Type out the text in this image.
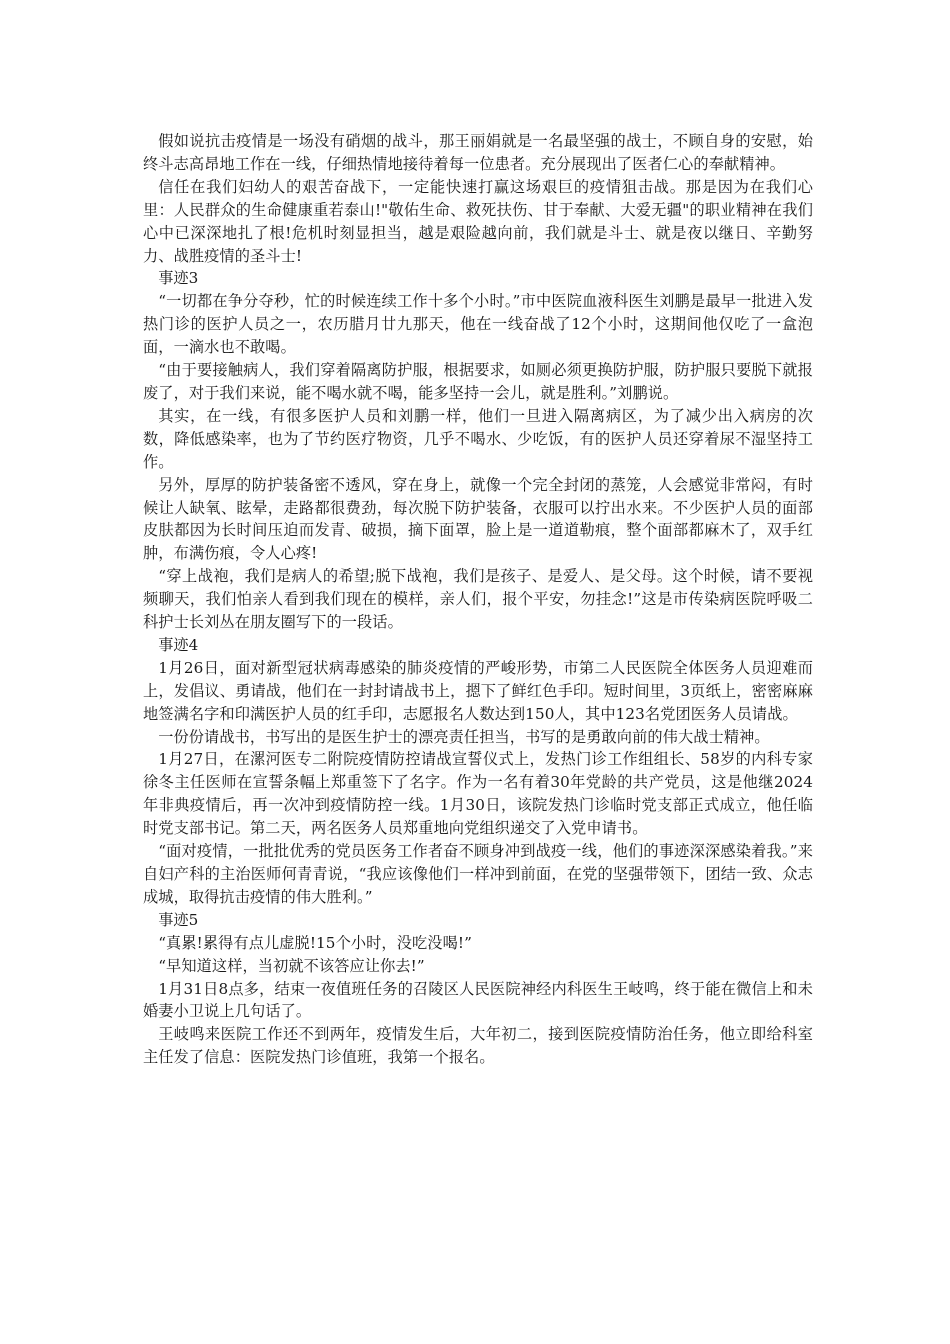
假如说抗击疫情是一场没有硝烟的战斗，那王丽娟就是一名最坚强的战士，不顾自身的安慰，始终斗志高昂地工作在一线，仔细热情地接待着每一位患者。充分展现出了医者仁心的奉献精神。

信任在我们妇幼人的艰苦奋战下，一定能快速打赢这场艰巨的疫情狙击战。那是因为在我们心里：人民群众的生命健康重若泰山!"敬佑生命、救死扶伤、甘于奉献、大爱无疆"的职业精神在我们心中已深深地扎了根!危机时刻显担当，越是艰险越向前，我们就是斗士、就是夜以继日、辛勤努力、战胜疫情的圣斗士!

事迹3

“一切都在争分夺秒，忙的时候连续工作十多个小时。”市中医院血液科医生刘鹏是最早一批进入发热门诊的医护人员之一，农历腊月廿九那天，他在一线奋战了12个小时，这期间他仅吃了一盒泡面，一滴水也不敢喝。

“由于要接触病人，我们穿着隔离防护服，根据要求，如厕必须更换防护服，防护服只要脱下就报废了，对于我们来说，能不喝水就不喝，能多坚持一会儿，就是胜利。”刘鹏说。

其实，在一线，有很多医护人员和刘鹏一样，他们一旦进入隔离病区，为了减少出入病房的次数，降低感染率，也为了节约医疗物资，几乎不喝水、少吃饭，有的医护人员还穿着尿不湿坚持工作。

另外，厚厚的防护装备密不透风，穿在身上，就像一个完全封闭的蒸笼，人会感觉非常闷，有时候让人缺氧、眩晕，走路都很费劲，每次脱下防护装备，衣服可以拧出水来。不少医护人员的面部皮肤都因为长时间压迫而发青、破损，摘下面罩，脸上是一道道勒痕，整个面部都麻木了，双手红肿，布满伤痕，令人心疼!

“穿上战袍，我们是病人的希望;脱下战袍，我们是孩子、是爱人、是父母。这个时候，请不要视频聊天，我们怕亲人看到我们现在的模样，亲人们，报个平安，勿挂念!”这是市传染病医院呼吸二科护士长刘丛在朋友圈写下的一段话。

事迹4

1月26日，面对新型冠状病毒感染的肺炎疫情的严峻形势，市第二人民医院全体医务人员迎难而上，发倡议、勇请战，他们在一封封请战书上，摁下了鲜红色手印。短时间里，3页纸上，密密麻麻地签满名字和印满医护人员的红手印，志愿报名人数达到150人，其中123名党团医务人员请战。

一份份请战书，书写出的是医生护士的漂亮责任担当，书写的是勇敢向前的伟大战士精神。

1月27日，在漯河医专二附院疫情防控请战宣誓仪式上，发热门诊工作组组长、58岁的内科专家徐冬主任医师在宣誓条幅上郑重签下了名字。作为一名有着30年党龄的共产党员，这是他继2024年非典疫情后，再一次冲到疫情防控一线。1月30日，该院发热门诊临时党支部正式成立，他任临时党支部书记。第二天，两名医务人员郑重地向党组织递交了入党申请书。

“面对疫情，一批批优秀的党员医务工作者奋不顾身冲到战疫一线，他们的事迹深深感染着我。”来自妇产科的主治医师何青青说，“我应该像他们一样冲到前面，在党的坚强带领下，团结一致、众志成城，取得抗击疫情的伟大胜利。”

事迹5

“真累!累得有点儿虚脱!15个小时，没吃没喝!”

“早知道这样，当初就不该答应让你去!”

1月31日8点多，结束一夜值班任务的召陵区人民医院神经内科医生王岐鸣，终于能在微信上和未婚妻小卫说上几句话了。

王岐鸣来医院工作还不到两年，疫情发生后，大年初二，接到医院疫情防治任务，他立即给科室主任发了信息：医院发热门诊值班，我第一个报名。
